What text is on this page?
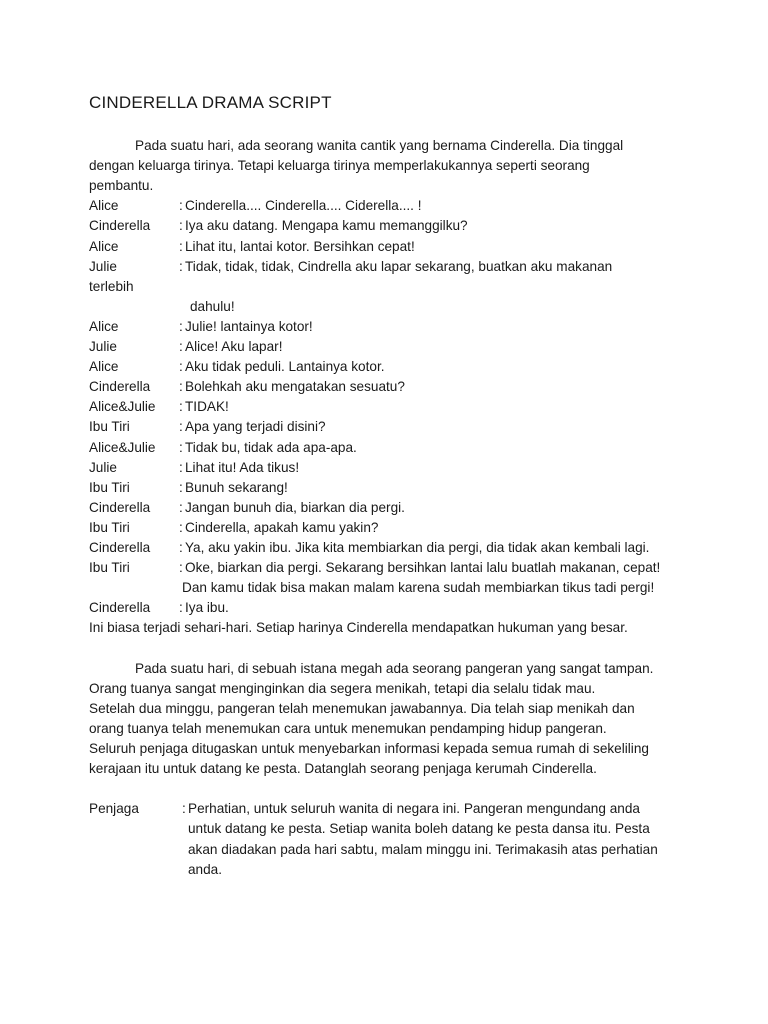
CINDERELLA DRAMA SCRIPT
Pada suatu hari, ada seorang wanita cantik yang bernama Cinderella. Dia tinggal
dengan keluarga tirinya. Tetapi keluarga tirinya memperlakukannya seperti seorang
pembantu.
Alice	: Cinderella.... Cinderella.... Ciderella.... !
Cinderella : Iya aku datang. Mengapa kamu memanggilku?
Alice	: Lihat itu, lantai kotor. Bersihkan cepat!
Julie	: Tidak, tidak, tidak, Cindrella aku lapar sekarang, buatkan aku makanan
terlebih
dahulu!
Alice	: Julie! lantainya kotor!
Julie	: Alice! Aku lapar!
Alice	: Aku tidak peduli. Lantainya kotor.
Cinderella : Bolehkah aku mengatakan sesuatu?
Alice&Julie : TIDAK!
Ibu Tiri	: Apa yang terjadi disini?
Alice&Julie : Tidak bu, tidak ada apa-apa.
Julie	: Lihat itu! Ada tikus!
Ibu Tiri	: Bunuh sekarang!
Cinderella : Jangan bunuh dia, biarkan dia pergi.
Ibu Tiri	: Cinderella, apakah kamu yakin?
Cinderella : Ya, aku yakin ibu. Jika kita membiarkan dia pergi, dia tidak akan kembali lagi.
Ibu Tiri	: Oke, biarkan dia pergi. Sekarang bersihkan lantai lalu buatlah makanan, cepat!
Dan kamu tidak bisa makan malam karena sudah membiarkan tikus tadi pergi!
Cinderella : Iya ibu.
Ini biasa terjadi sehari-hari. Setiap harinya Cinderella mendapatkan hukuman yang besar.
Pada suatu hari, di sebuah istana megah ada seorang pangeran yang sangat tampan.
Orang tuanya sangat menginginkan dia segera menikah, tetapi dia selalu tidak mau.
Setelah dua minggu, pangeran telah menemukan jawabannya. Dia telah siap menikah dan
orang tuanya telah menemukan cara untuk menemukan pendamping hidup pangeran.
Seluruh penjaga ditugaskan untuk menyebarkan informasi kepada semua rumah di sekeliling
kerajaan itu untuk datang ke pesta. Datanglah seorang penjaga kerumah Cinderella.
Penjaga	: Perhatian, untuk seluruh wanita di negara ini. Pangeran mengundang anda
untuk datang ke pesta. Setiap wanita boleh datang ke pesta dansa itu. Pesta
akan diadakan pada hari sabtu, malam minggu ini. Terimakasih atas perhatian
anda.
